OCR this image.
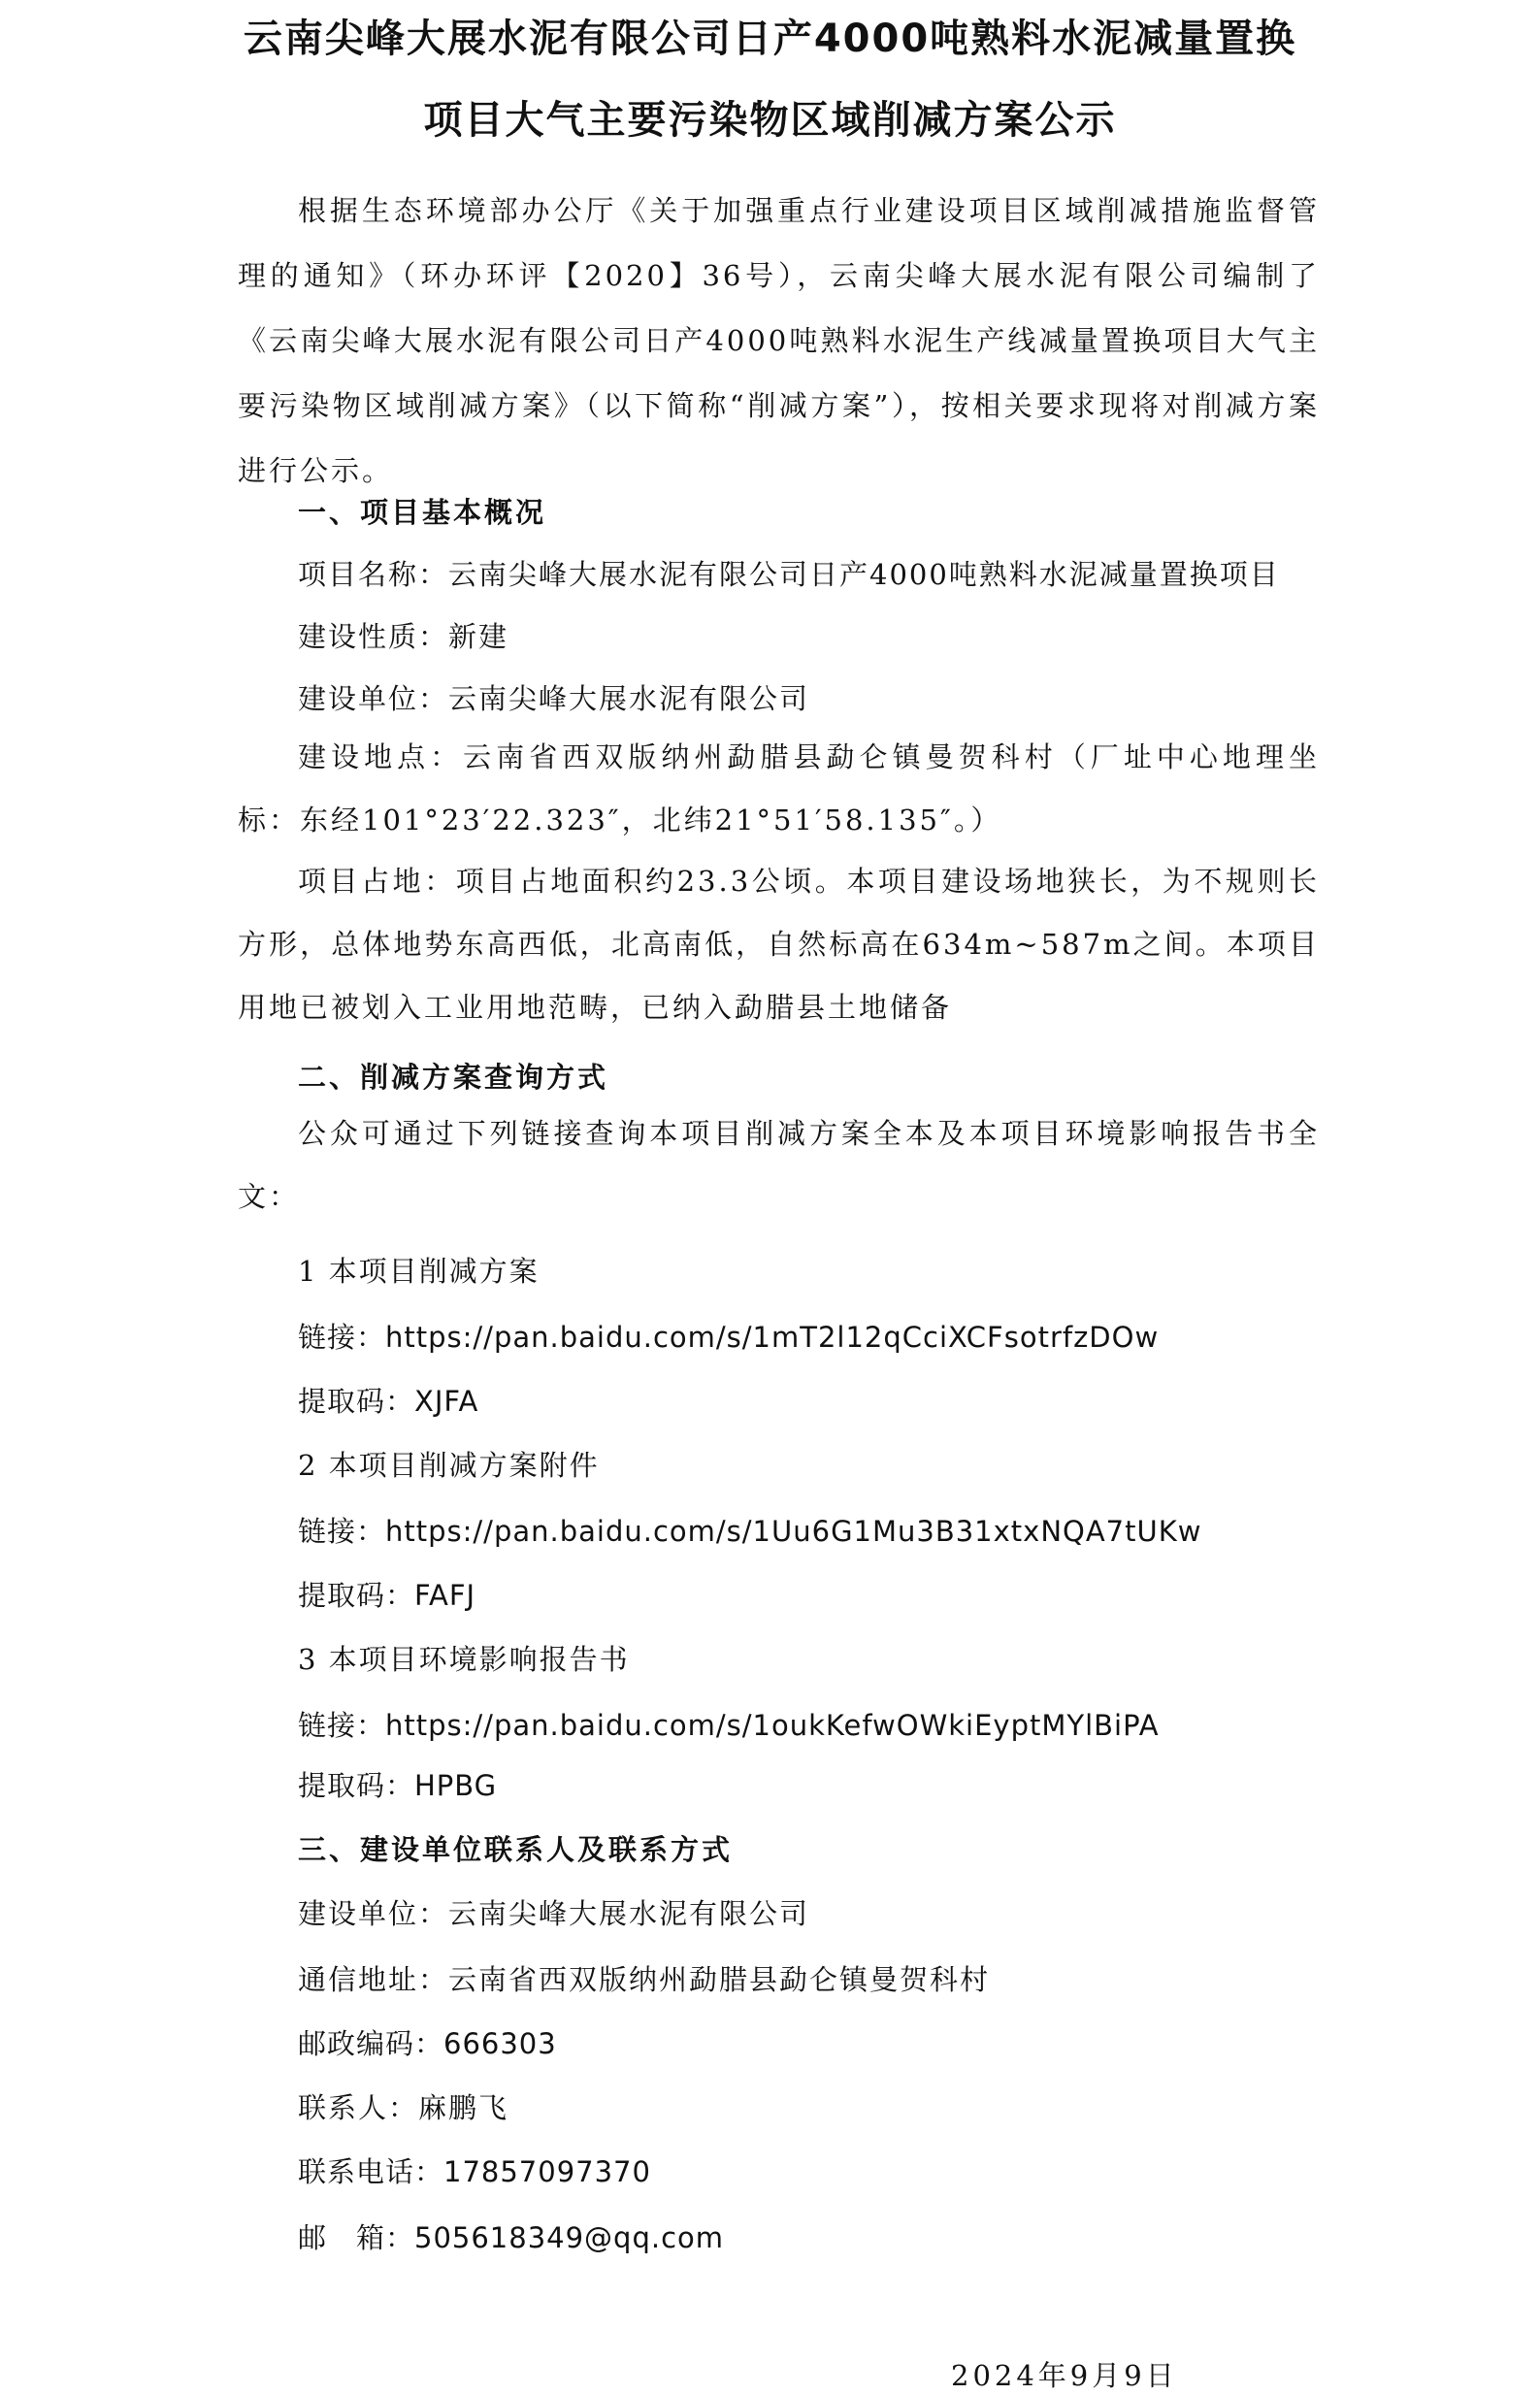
云南尖峰大展水泥有限公司日产4000吨熟料水泥减量置换
项目大气主要污染物区域削减方案公示
根据生态环境部办公厅《关于加强重点行业建设项目区域削减措施监督管理的通知》（环办环评【2020】36号），云南尖峰大展水泥有限公司编制了《云南尖峰大展水泥有限公司日产4000吨熟料水泥生产线减量置换项目大气主要污染物区域削减方案》（以下简称“削减方案”），按相关要求现将对削减方案进行公示。
一、项目基本概况
项目名称：云南尖峰大展水泥有限公司日产4000吨熟料水泥减量置换项目
建设性质：新建
建设单位：云南尖峰大展水泥有限公司
建设地点：云南省西双版纳州勐腊县勐仑镇曼贺科村（厂址中心地理坐标：东经101°23′22.323″，北纬21°51′58.135″。）
项目占地：项目占地面积约23.3公顷。本项目建设场地狭长，为不规则长方形，总体地势东高西低，北高南低，自然标高在634m~587m之间。本项目用地已被划入工业用地范畴，已纳入勐腊县土地储备
二、削减方案查询方式
公众可通过下列链接查询本项目削减方案全本及本项目环境影响报告书全文：
1 本项目削减方案
链接：https://pan.baidu.com/s/1mT2l12qCciXCFsotrfzDOw
提取码：XJFA
2 本项目削减方案附件
链接：https://pan.baidu.com/s/1Uu6G1Mu3B31xtxNQA7tUKw
提取码：FAFJ
3 本项目环境影响报告书
链接：https://pan.baidu.com/s/1oukKefwOWkiEyptMYlBiPA
提取码：HPBG
三、建设单位联系人及联系方式
建设单位：云南尖峰大展水泥有限公司
通信地址：云南省西双版纳州勐腊县勐仑镇曼贺科村
邮政编码：666303
联系人：麻鹏飞
联系电话：17857097370
邮　箱：505618349@qq.com
2024年9月9日
